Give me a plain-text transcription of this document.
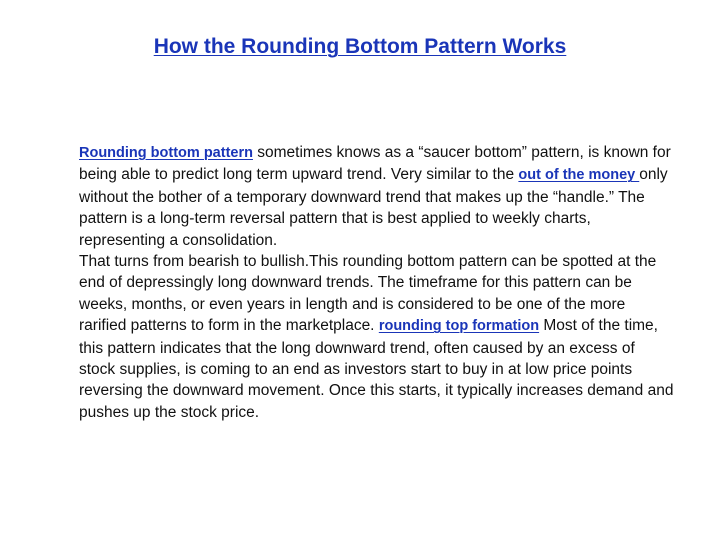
How the Rounding Bottom Pattern Works

Rounding bottom pattern sometimes knows as a “saucer bottom” pattern, is known for being able to predict long term upward trend. Very similar to the out of the money only without the bother of a temporary downward trend that makes up the “handle.” The pattern is a long-term reversal pattern that is best applied to weekly charts, representing a consolidation.

That turns from bearish to bullish.This rounding bottom pattern can be spotted at the end of depressingly long downward trends. The timeframe for this pattern can be weeks, months, or even years in length and is considered to be one of the more rarified patterns to form in the marketplace. rounding top formation Most of the time, this pattern indicates that the long downward trend, often caused by an excess of stock supplies, is coming to an end as investors start to buy in at low price points reversing the downward movement. Once this starts, it typically increases demand and pushes up the stock price.
